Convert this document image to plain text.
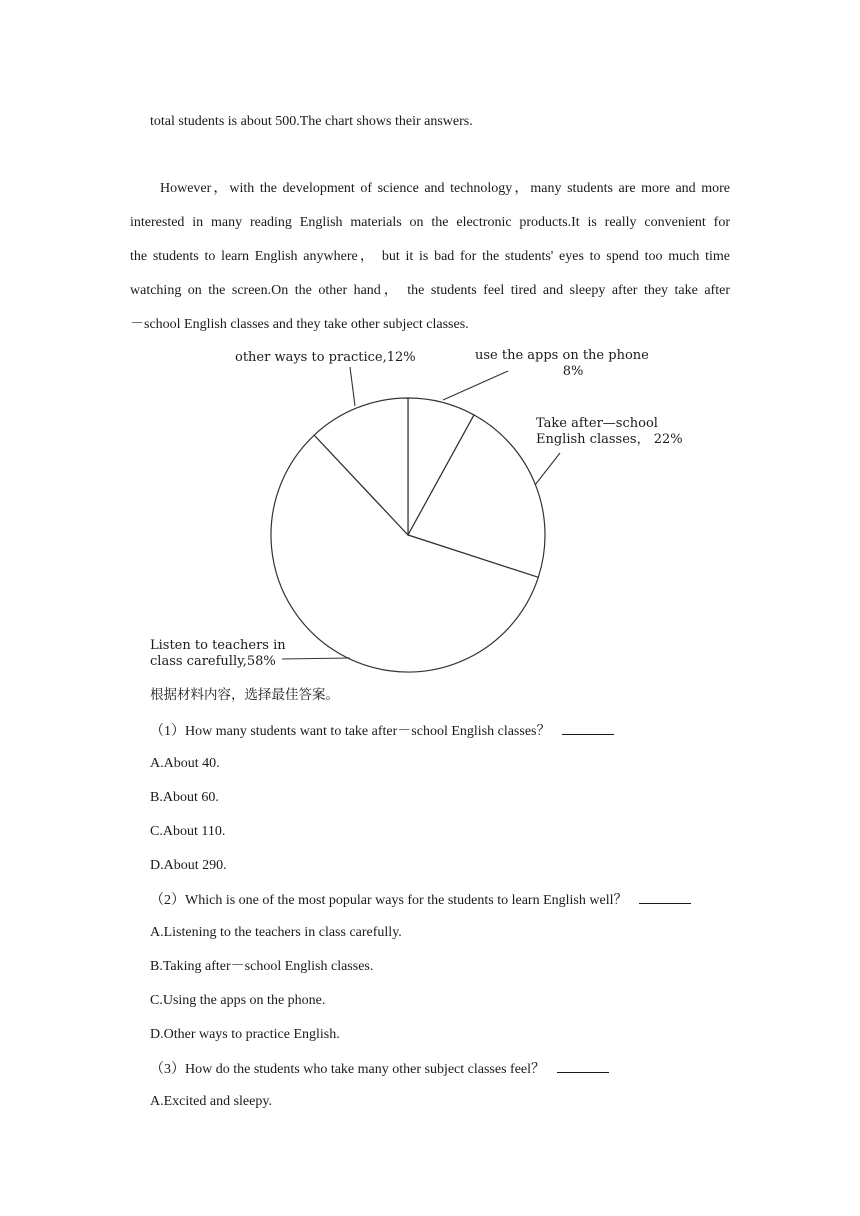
total students is about 500.The chart shows their answers.
However，with the development of science and technology，many students are more and more
interested in many reading English materials on the electronic products.It is really convenient for
the students to learn English anywhere， but it is bad for the students' eyes to spend too much time
watching on the screen.On the other hand， the students feel tired and sleepy after they take after
－school English classes and they take other subject classes.
use the apps on the phone
8%
Take after—school
English classes， 22%
Listen to teachers in
class carefully,58%
other ways to practice,12%
根据材料内容，选择最佳答案。
（1）How many students want to take after－school English classes？
A.About 40.
B.About 60.
C.About 110.
D.About 290.
（2）Which is one of the most popular ways for the students to learn English well？
A.Listening to the teachers in class carefully.
B.Taking after－school English classes.
C.Using the apps on the phone.
D.Other ways to practice English.
（3）How do the students who take many other subject classes feel？
A.Excited and sleepy.
